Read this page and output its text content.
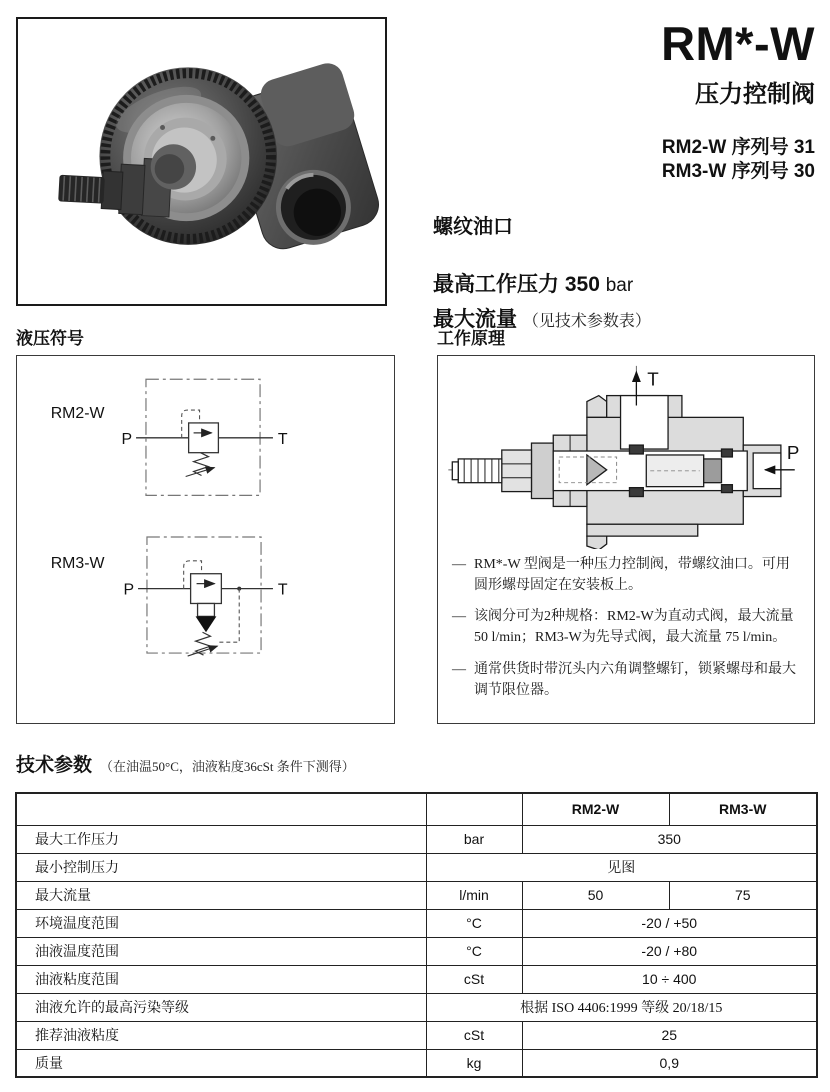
RM*-W
压力控制阀
RM2-W 序列号 31
RM3-W 序列号 30
螺纹油口
最高工作压力 350 bar
最大流量 （见技术参数表）
液压符号
RM2-W
P	T
RM3-W
P	T
工作原理
T
P
— RM*-W 型阀是一种压力控制阀，带螺纹油口。可用圆形螺母固定在安装板上。
— 该阀分可为2种规格：RM2-W为直动式阀，最大流量50 l/min；RM3-W为先导式阀，最大流量 75 l/min。
— 通常供货时带沉头内六角调整螺钉，锁紧螺母和最大调节限位器。
技术参数 （在油温50°C，油液粘度36cSt 条件下测得）
		RM2-W	RM3-W
最大工作压力	bar	350	
最小控制压力	见图		
最大流量	l/min	50	75
环境温度范围	°C	-20 / +50	
油液温度范围	°C	-20 / +80	
油液粘度范围	cSt	10 ÷ 400	
油液允许的最高污染等级	根据 ISO 4406:1999 等级 20/18/15		
推荐油液粘度	cSt	25	
质量	kg	0,9	
